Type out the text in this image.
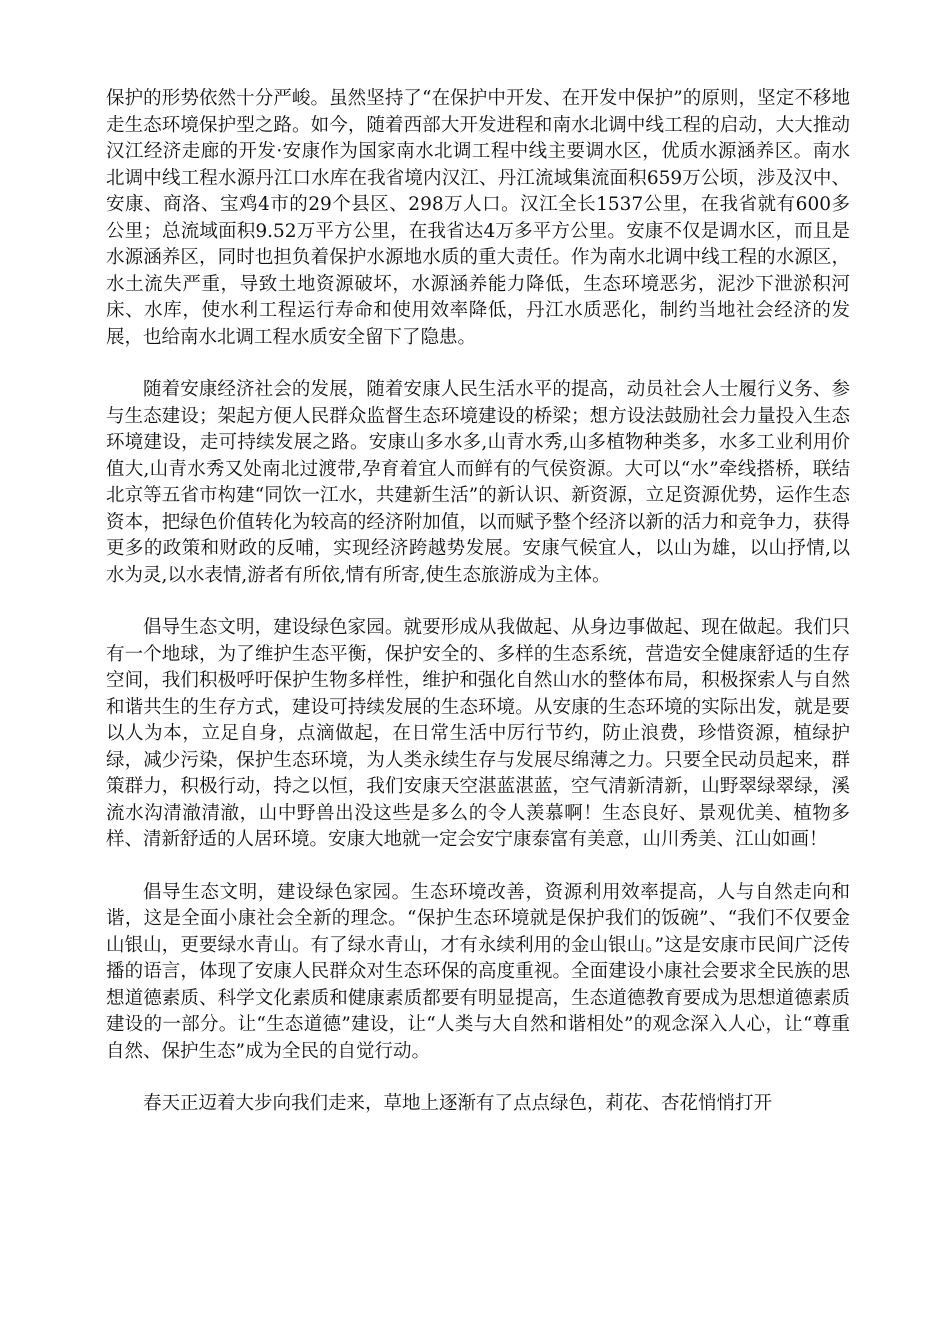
保护的形势依然十分严峻。虽然坚持了“在保护中开发、在开发中保护”的原则，坚定不移地走生态环境保护型之路。如今，随着西部大开发进程和南水北调中线工程的启动，大大推动汉江经济走廊的开发·安康作为国家南水北调工程中线主要调水区，优质水源涵养区。南水北调中线工程水源丹江口水库在我省境内汉江、丹江流域集流面积659万公顷，涉及汉中、安康、商洛、宝鸡4市的29个县区、298万人口。汉江全长1537公里，在我省就有600多公里；总流域面积9.52万平方公里，在我省达4万多平方公里。安康不仅是调水区，而且是水源涵养区，同时也担负着保护水源地水质的重大责任。作为南水北调中线工程的水源区，水土流失严重，导致土地资源破坏，水源涵养能力降低，生态环境恶劣，泥沙下泄淤积河床、水库，使水利工程运行寿命和使用效率降低，丹江水质恶化，制约当地社会经济的发展，也给南水北调工程水质安全留下了隐患。

随着安康经济社会的发展，随着安康人民生活水平的提高，动员社会人士履行义务、参与生态建设；架起方便人民群众监督生态环境建设的桥梁；想方设法鼓励社会力量投入生态环境建设，走可持续发展之路。安康山多水多,山青水秀,山多植物种类多，水多工业利用价值大,山青水秀又处南北过渡带,孕育着宜人而鲜有的气侯资源。大可以“水”牵线搭桥，联结北京等五省市构建“同饮一江水，共建新生活”的新认识、新资源，立足资源优势，运作生态资本，把绿色价值转化为较高的经济附加值，以而赋予整个经济以新的活力和竞争力，获得更多的政策和财政的反哺，实现经济跨越势发展。安康气候宜人，以山为雄，以山抒情,以水为灵,以水表情,游者有所依,情有所寄,使生态旅游成为主体。

倡导生态文明，建设绿色家园。就要形成从我做起、从身边事做起、现在做起。我们只有一个地球，为了维护生态平衡，保护安全的、多样的生态系统，营造安全健康舒适的生存空间，我们积极呼吁保护生物多样性，维护和强化自然山水的整体布局，积极探索人与自然和谐共生的生存方式，建设可持续发展的生态环境。从安康的生态环境的实际出发，就是要以人为本，立足自身，点滴做起，在日常生活中厉行节约，防止浪费，珍惜资源，植绿护绿，减少污染，保护生态环境，为人类永续生存与发展尽绵薄之力。只要全民动员起来，群策群力，积极行动，持之以恒，我们安康天空湛蓝湛蓝，空气清新清新，山野翠绿翠绿，溪流水沟清澈清澈，山中野兽出没这些是多么的令人羡慕啊！生态良好、景观优美、植物多样、清新舒适的人居环境。安康大地就一定会安宁康泰富有美意，山川秀美、江山如画！

倡导生态文明，建设绿色家园。生态环境改善，资源利用效率提高，人与自然走向和谐，这是全面小康社会全新的理念。“保护生态环境就是保护我们的饭碗”、“我们不仅要金山银山，更要绿水青山。有了绿水青山，才有永续利用的金山银山。”这是安康市民间广泛传播的语言，体现了安康人民群众对生态环保的高度重视。全面建设小康社会要求全民族的思想道德素质、科学文化素质和健康素质都要有明显提高，生态道德教育要成为思想道德素质建设的一部分。让“生态道德”建设，让“人类与大自然和谐相处”的观念深入人心，让“尊重自然、保护生态”成为全民的自觉行动。

春天正迈着大步向我们走来，草地上逐渐有了点点绿色，莉花、杏花悄悄打开
